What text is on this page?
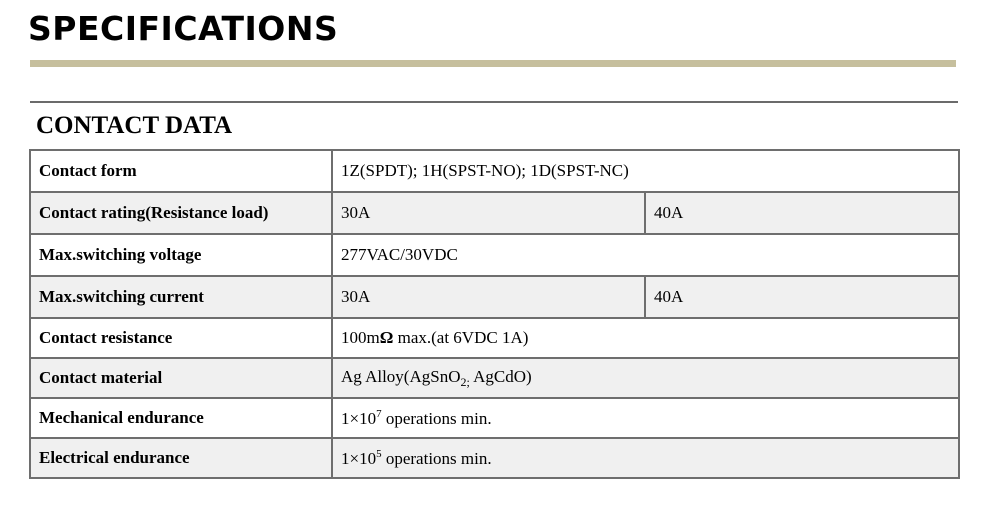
SPECIFICATIONS
CONTACT DATA
Contact form	1Z(SPDT); 1H(SPST-NO); 1D(SPST-NC)	
Contact rating(Resistance load)	30A	40A
Max.switching voltage	277VAC/30VDC	
Max.switching current	30A	40A
Contact resistance	100mΩ max.(at 6VDC 1A)	
Contact material	Ag Alloy(AgSnO$_{2;}$ AgCdO)	
Mechanical endurance	$1\times 10^7$ operations min.	
Electrical endurance	$1\times 10^5$ operations min.	
